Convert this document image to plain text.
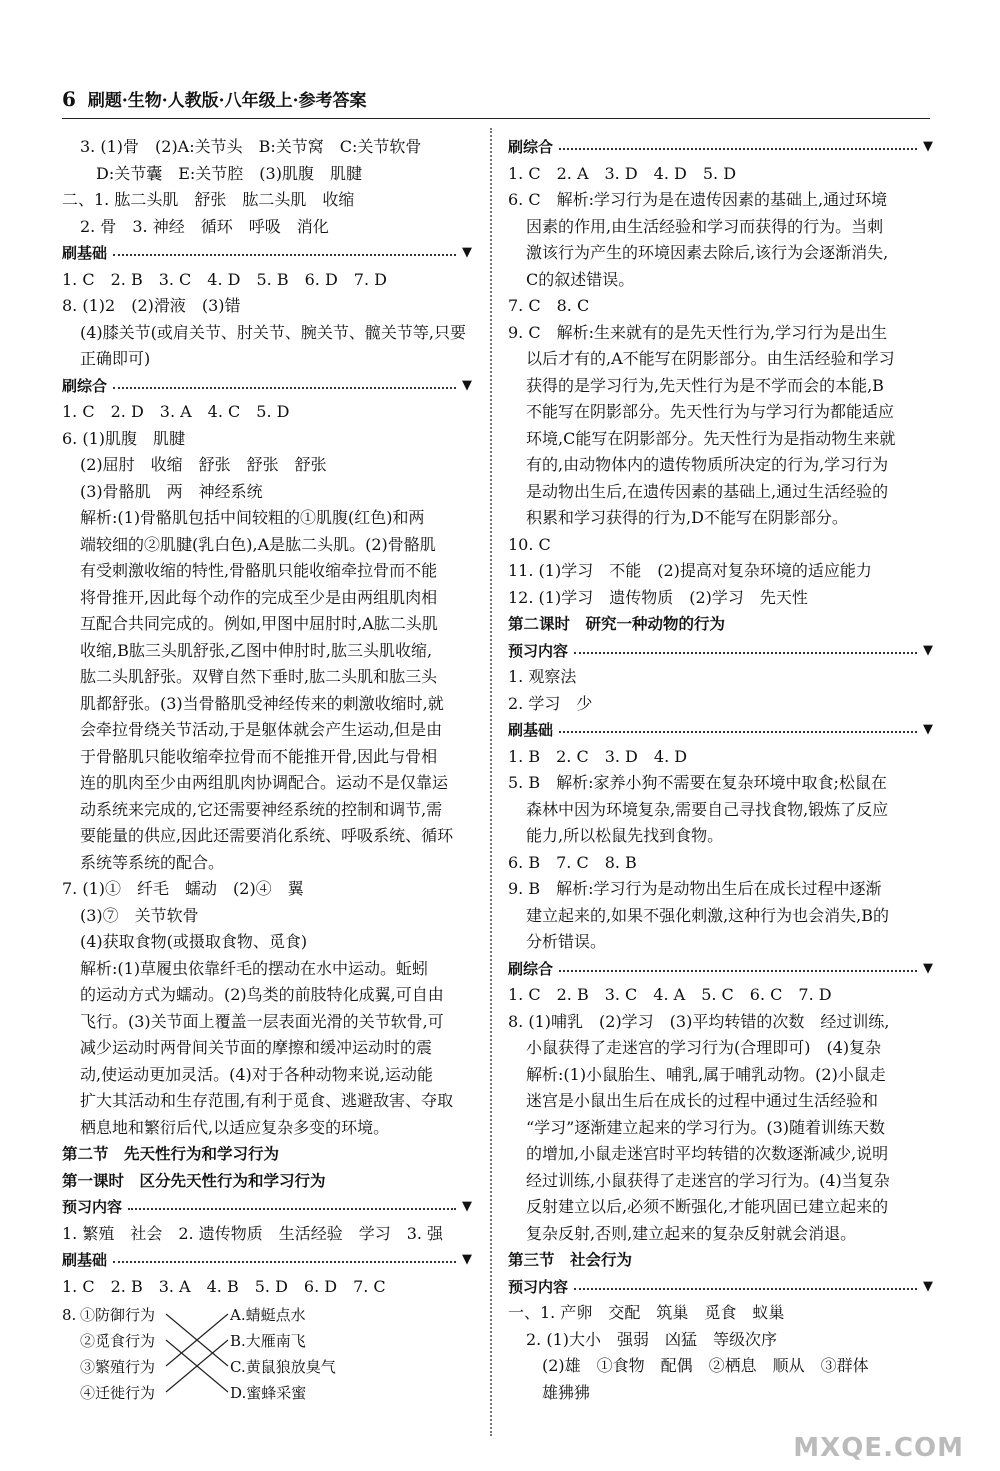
6 刷题·生物·人教版·八年级上·参考答案
3. (1)骨　(2)A:关节头　B:关节窝　C:关节软骨
D:关节囊　E:关节腔　(3)肌腹　肌腱
二、1. 肱二头肌　舒张　肱二头肌　收缩
2. 骨　3. 神经　循环　呼吸　消化
刷基础	▼
1. C　2. B　3. C　4. D　5. B　6. D　7. D
8. (1)2　(2)滑液　(3)错
(4)膝关节(或肩关节、肘关节、腕关节、髋关节等,只要
正确即可)
刷综合	▼
1. C　2. D　3. A　4. C　5. D
6. (1)肌腹　肌腱
(2)屈肘　收缩　舒张　舒张　舒张
(3)骨骼肌　两　神经系统
解析:(1)骨骼肌包括中间较粗的①肌腹(红色)和两
端较细的②肌腱(乳白色),A是肱二头肌。(2)骨骼肌
有受刺激收缩的特性,骨骼肌只能收缩牵拉骨而不能
将骨推开,因此每个动作的完成至少是由两组肌肉相
互配合共同完成的。例如,甲图中屈肘时,A肱二头肌
收缩,B肱三头肌舒张,乙图中伸肘时,肱三头肌收缩,
肱二头肌舒张。双臂自然下垂时,肱二头肌和肱三头
肌都舒张。(3)当骨骼肌受神经传来的刺激收缩时,就
会牵拉骨绕关节活动,于是躯体就会产生运动,但是由
于骨骼肌只能收缩牵拉骨而不能推开骨,因此与骨相
连的肌肉至少由两组肌肉协调配合。运动不是仅靠运
动系统来完成的,它还需要神经系统的控制和调节,需
要能量的供应,因此还需要消化系统、呼吸系统、循环
系统等系统的配合。
7. (1)①　纤毛　蠕动　(2)④　翼
(3)⑦　关节软骨
(4)获取食物(或摄取食物、觅食)
解析:(1)草履虫依靠纤毛的摆动在水中运动。蚯蚓
的运动方式为蠕动。(2)鸟类的前肢特化成翼,可自由
飞行。(3)关节面上覆盖一层表面光滑的关节软骨,可
减少运动时两骨间关节面的摩擦和缓冲运动时的震
动,使运动更加灵活。(4)对于各种动物来说,运动能
扩大其活动和生存范围,有利于觅食、逃避敌害、夺取
栖息地和繁衍后代,以适应复杂多变的环境。
第二节　先天性行为和学习行为
第一课时　区分先天性行为和学习行为
预习内容	▼
1. 繁殖　社会　2. 遗传物质　生活经验　学习　3. 强
刷基础	▼
1. C　2. B　3. A　4. B　5. D　6. D　7. C
8. ①防御行为
②觅食行为
③繁殖行为
④迁徙行为
A.蜻蜓点水
B.大雁南飞
C.黄鼠狼放臭气
D.蜜蜂采蜜
刷综合	▼
1. C　2. A　3. D　4. D　5. D
6. C　解析:学习行为是在遗传因素的基础上,通过环境
因素的作用,由生活经验和学习而获得的行为。当刺
激该行为产生的环境因素去除后,该行为会逐渐消失,
C的叙述错误。
7. C　8. C
9. C　解析:生来就有的是先天性行为,学习行为是出生
以后才有的,A不能写在阴影部分。由生活经验和学习
获得的是学习行为,先天性行为是不学而会的本能,B
不能写在阴影部分。先天性行为与学习行为都能适应
环境,C能写在阴影部分。先天性行为是指动物生来就
有的,由动物体内的遗传物质所决定的行为,学习行为
是动物出生后,在遗传因素的基础上,通过生活经验的
积累和学习获得的行为,D不能写在阴影部分。
10. C
11. (1)学习　不能　(2)提高对复杂环境的适应能力
12. (1)学习　遗传物质　(2)学习　先天性
第二课时　研究一种动物的行为
预习内容	▼
1. 观察法
2. 学习　少
刷基础	▼
1. B　2. C　3. D　4. D
5. B　解析:家养小狗不需要在复杂环境中取食;松鼠在
森林中因为环境复杂,需要自己寻找食物,锻炼了反应
能力,所以松鼠先找到食物。
6. B　7. C　8. B
9. B　解析:学习行为是动物出生后在成长过程中逐渐
建立起来的,如果不强化刺激,这种行为也会消失,B的
分析错误。
刷综合	▼
1. C　2. B　3. C　4. A　5. C　6. C　7. D
8. (1)哺乳　(2)学习　(3)平均转错的次数　经过训练,
小鼠获得了走迷宫的学习行为(合理即可)　(4)复杂
解析:(1)小鼠胎生、哺乳,属于哺乳动物。(2)小鼠走
迷宫是小鼠出生后在成长的过程中通过生活经验和
“学习”逐渐建立起来的学习行为。(3)随着训练天数
的增加,小鼠走迷宫时平均转错的次数逐渐减少,说明
经过训练,小鼠获得了走迷宫的学习行为。(4)当复杂
反射建立以后,必须不断强化,才能巩固已建立起来的
复杂反射,否则,建立起来的复杂反射就会消退。
第三节　社会行为
预习内容	▼
一、1. 产卵　交配　筑巢　觅食　蚁巢
2. (1)大小　强弱　凶猛　等级次序
(2)雄　①食物　配偶　②栖息　顺从　③群体
雄狒狒
MXQE.COM
